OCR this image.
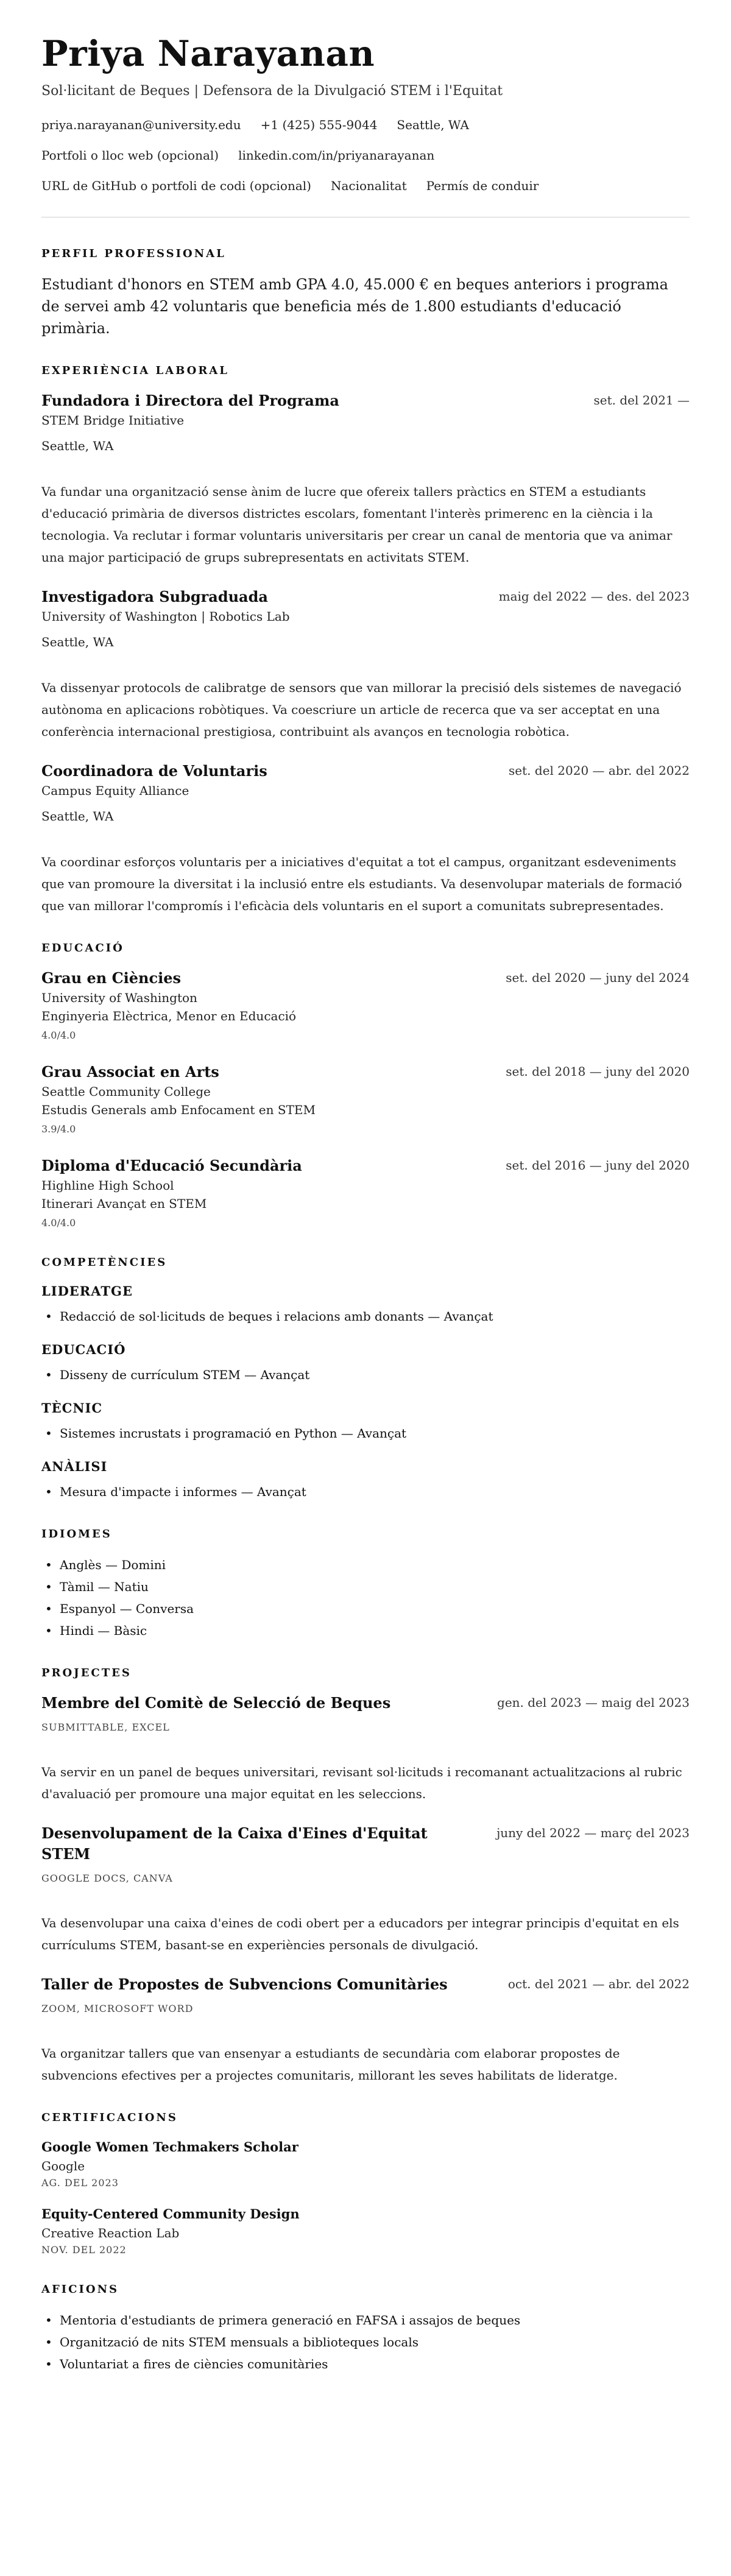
Priya Narayanan
Sol·licitant de Beques | Defensora de la Divulgació STEM i l'Equitat
priya.narayanan@university.edu +1 (425) 555-9044 Seattle, WA
Portfoli o lloc web (opcional) linkedin.com/in/priyanarayanan
URL de GitHub o portfoli de codi (opcional) Nacionalitat Permís de conduir
PERFIL PROFESSIONAL
Estudiant d'honors en STEM amb GPA 4.0, 45.000 € en beques anteriors i programa de servei amb 42 voluntaris que beneficia més de 1.800 estudiants d'educació primària.
EXPERIÈNCIA LABORAL
Fundadora i Directora del Programa	set. del 2021 —
STEM Bridge Initiative
Seattle, WA
Va fundar una organització sense ànim de lucre que ofereix tallers pràctics en STEM a estudiants d'educació primària de diversos districtes escolars, fomentant l'interès primerenc en la ciència i la tecnologia. Va reclutar i formar voluntaris universitaris per crear un canal de mentoria que va animar una major participació de grups subrepresentats en activitats STEM.
Investigadora Subgraduada	maig del 2022 — des. del 2023
University of Washington | Robotics Lab
Seattle, WA
Va dissenyar protocols de calibratge de sensors que van millorar la precisió dels sistemes de navegació autònoma en aplicacions robòtiques. Va coescriure un article de recerca que va ser acceptat en una conferència internacional prestigiosa, contribuint als avanços en tecnologia robòtica.
Coordinadora de Voluntaris	set. del 2020 — abr. del 2022
Campus Equity Alliance
Seattle, WA
Va coordinar esforços voluntaris per a iniciatives d'equitat a tot el campus, organitzant esdeveniments que van promoure la diversitat i la inclusió entre els estudiants. Va desenvolupar materials de formació que van millorar l'compromís i l'eficàcia dels voluntaris en el suport a comunitats subrepresentades.
EDUCACIÓ
Grau en Ciències	set. del 2020 — juny del 2024
University of Washington
Enginyeria Elèctrica, Menor en Educació
4.0/4.0
Grau Associat en Arts	set. del 2018 — juny del 2020
Seattle Community College
Estudis Generals amb Enfocament en STEM
3.9/4.0
Diploma d'Educació Secundària	set. del 2016 — juny del 2020
Highline High School
Itinerari Avançat en STEM
4.0/4.0
COMPETÈNCIES
LIDERATGE
• Redacció de sol·licituds de beques i relacions amb donants — Avançat
EDUCACIÓ
• Disseny de currículum STEM — Avançat
TÈCNIC
• Sistemes incrustats i programació en Python — Avançat
ANÀLISI
• Mesura d'impacte i informes — Avançat
IDIOMES
• Anglès — Domini
• Tàmil — Natiu
• Espanyol — Conversa
• Hindi — Bàsic
PROJECTES
Membre del Comitè de Selecció de Beques	gen. del 2023 — maig del 2023
SUBMITTABLE, EXCEL
Va servir en un panel de beques universitari, revisant sol·licituds i recomanant actualitzacions al rubric d'avaluació per promoure una major equitat en les seleccions.
Desenvolupament de la Caixa d'Eines d'Equitat STEM
juny del 2022 — març del 2023
GOOGLE DOCS, CANVA
Va desenvolupar una caixa d'eines de codi obert per a educadors per integrar principis d'equitat en els currículums STEM, basant-se en experiències personals de divulgació.
Taller de Propostes de Subvencions Comunitàries	oct. del 2021 — abr. del 2022
ZOOM, MICROSOFT WORD
Va organitzar tallers que van ensenyar a estudiants de secundària com elaborar propostes de subvencions efectives per a projectes comunitaris, millorant les seves habilitats de lideratge.
CERTIFICACIONS
Google Women Techmakers Scholar
Google
AG. DEL 2023
Equity-Centered Community Design
Creative Reaction Lab
NOV. DEL 2022
AFICIONS
• Mentoria d'estudiants de primera generació en FAFSA i assajos de beques
• Organització de nits STEM mensuals a biblioteques locals
• Voluntariat a fires de ciències comunitàries
